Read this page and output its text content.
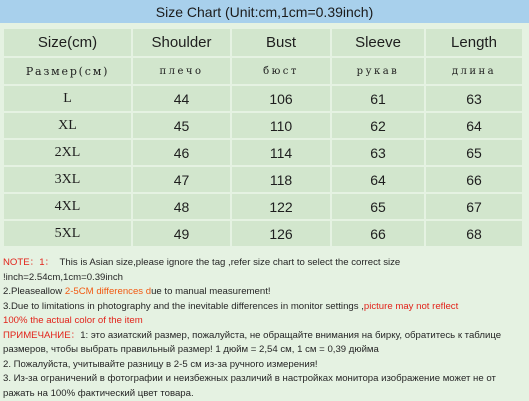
Size Chart (Unit:cm,1cm=0.39inch)
Size(cm)	Shoulder	Bust	Sleeve	Length
Размер(см)	плечо	бюст	рукав	длина
L	44	106	61	63
XL	45	110	62	64
2XL	46	114	63	65
3XL	47	118	64	66
4XL	48	122	65	67
5XL	49	126	66	68
NOTE：1： This is Asian size,please ignore the tag ,refer size chart to select the correct size
!inch=2.54cm,1cm=0.39inch
2.Pleaseallow 2-5CM differences due to manual measurement!
3.Due to limitations in photography and the inevitable differences in monitor settings ,picture may not reflect
100% the actual color of the item
ПРИМЕЧАНИЕ：1: это азиатский размер, пожалуйста, не обращайте внимания на бирку, обратитесь к таблице
размеров, чтобы выбрать правильный размер! 1 дюйм = 2,54 см, 1 см = 0,39 дюйма
2. Пожалуйста, учитывайте разницу в 2-5 см из-за ручного измерения!
3. Из-за ограничений в фотографии и неизбежных различий в настройках монитора изображение может не от
ражать на 100% фактический цвет товара.
